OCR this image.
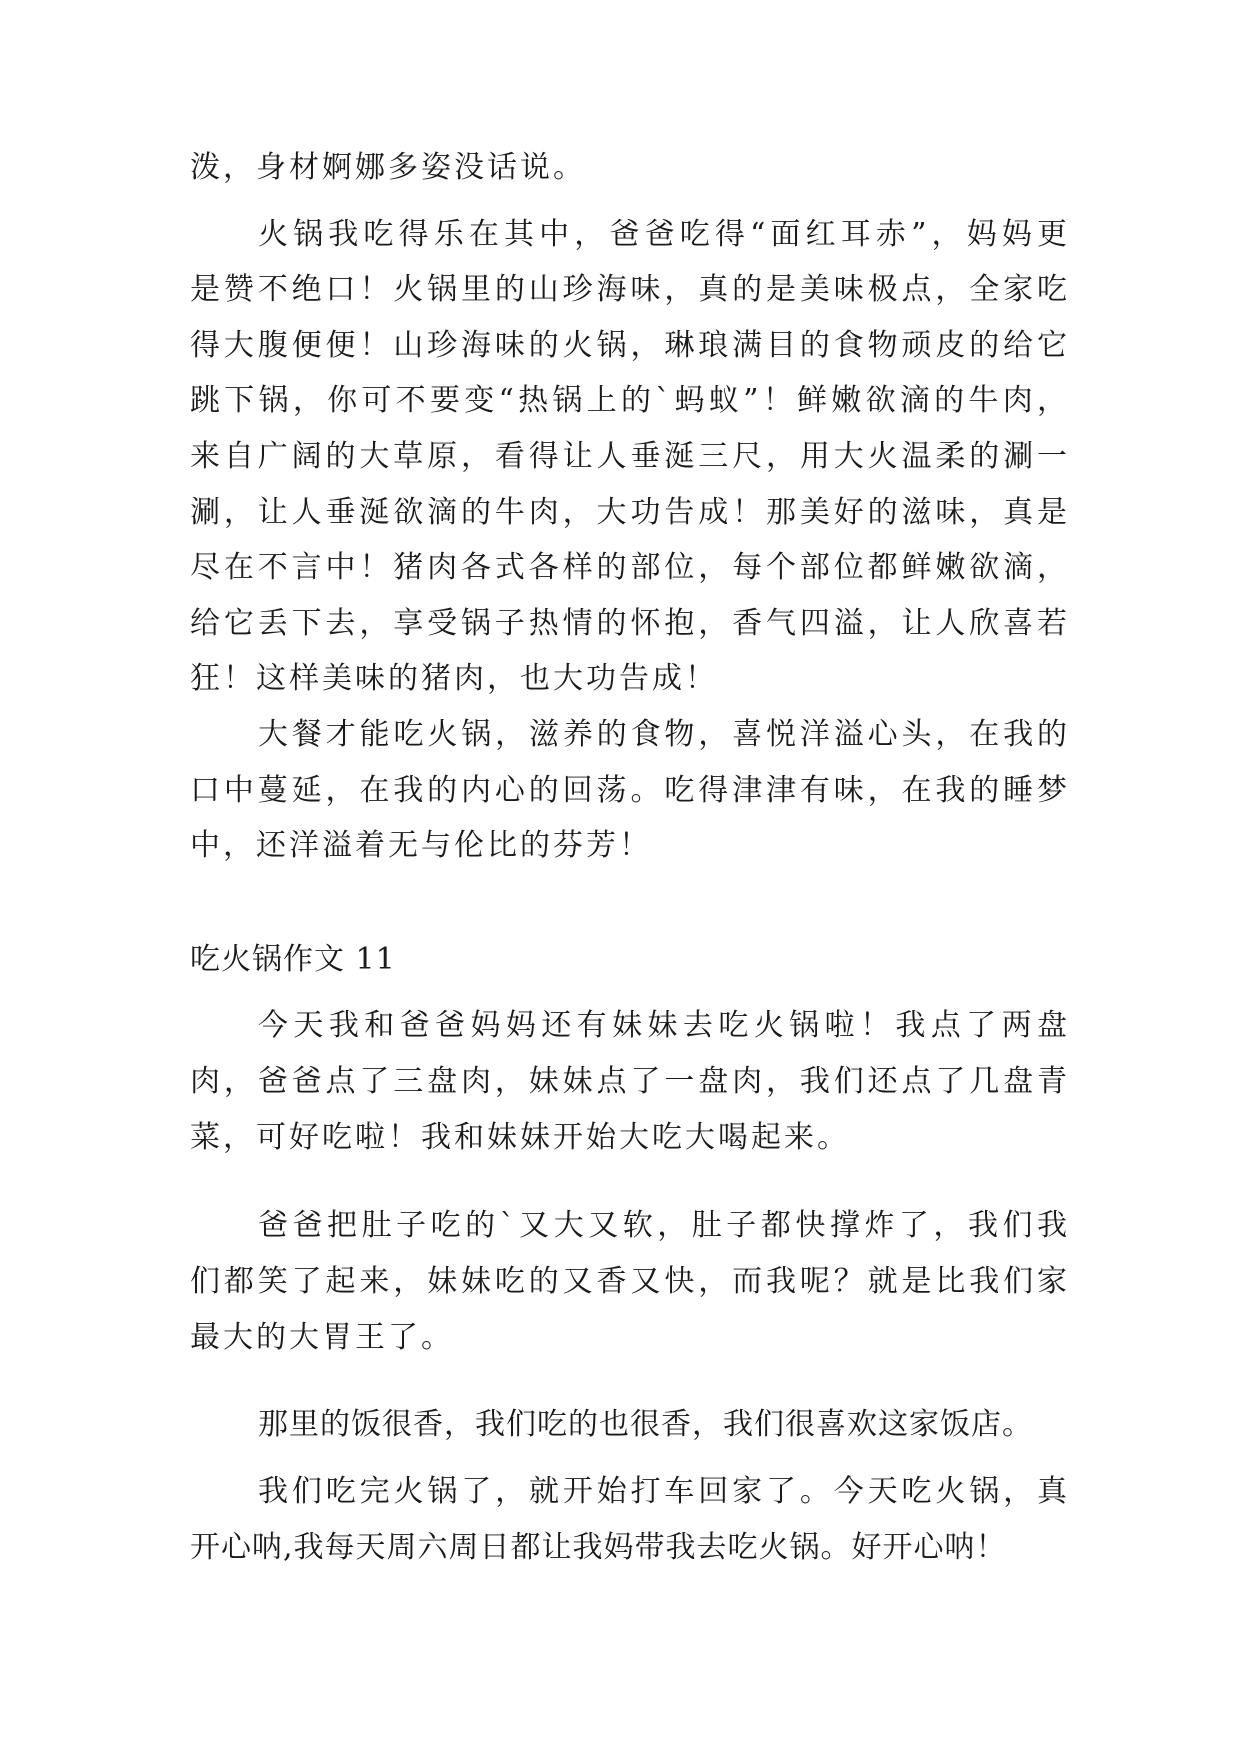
泼，身材婀娜多姿没话说。
火锅我吃得乐在其中，爸爸吃得“面红耳赤”，妈妈更
是赞不绝口！火锅里的山珍海味，真的是美味极点，全家吃
得大腹便便！山珍海味的火锅，琳琅满目的食物顽皮的给它
跳下锅，你可不要变“热锅上的`蚂蚁”！鲜嫩欲滴的牛肉，
来自广阔的大草原，看得让人垂涎三尺，用大火温柔的涮一
涮，让人垂涎欲滴的牛肉，大功告成！那美好的滋味，真是
尽在不言中！猪肉各式各样的部位，每个部位都鲜嫩欲滴，
给它丢下去，享受锅子热情的怀抱，香气四溢，让人欣喜若
狂！这样美味的猪肉，也大功告成！
大餐才能吃火锅，滋养的食物，喜悦洋溢心头，在我的
口中蔓延，在我的内心的回荡。吃得津津有味，在我的睡梦
中，还洋溢着无与伦比的芬芳！
吃火锅作文 11
今天我和爸爸妈妈还有妹妹去吃火锅啦！我点了两盘
肉，爸爸点了三盘肉，妹妹点了一盘肉，我们还点了几盘青
菜，可好吃啦！我和妹妹开始大吃大喝起来。
爸爸把肚子吃的`又大又软，肚子都快撑炸了，我们我
们都笑了起来，妹妹吃的又香又快，而我呢？就是比我们家
最大的大胃王了。
那里的饭很香，我们吃的也很香，我们很喜欢这家饭店。
我们吃完火锅了，就开始打车回家了。今天吃火锅，真
开心呐,我每天周六周日都让我妈带我去吃火锅。好开心呐！
